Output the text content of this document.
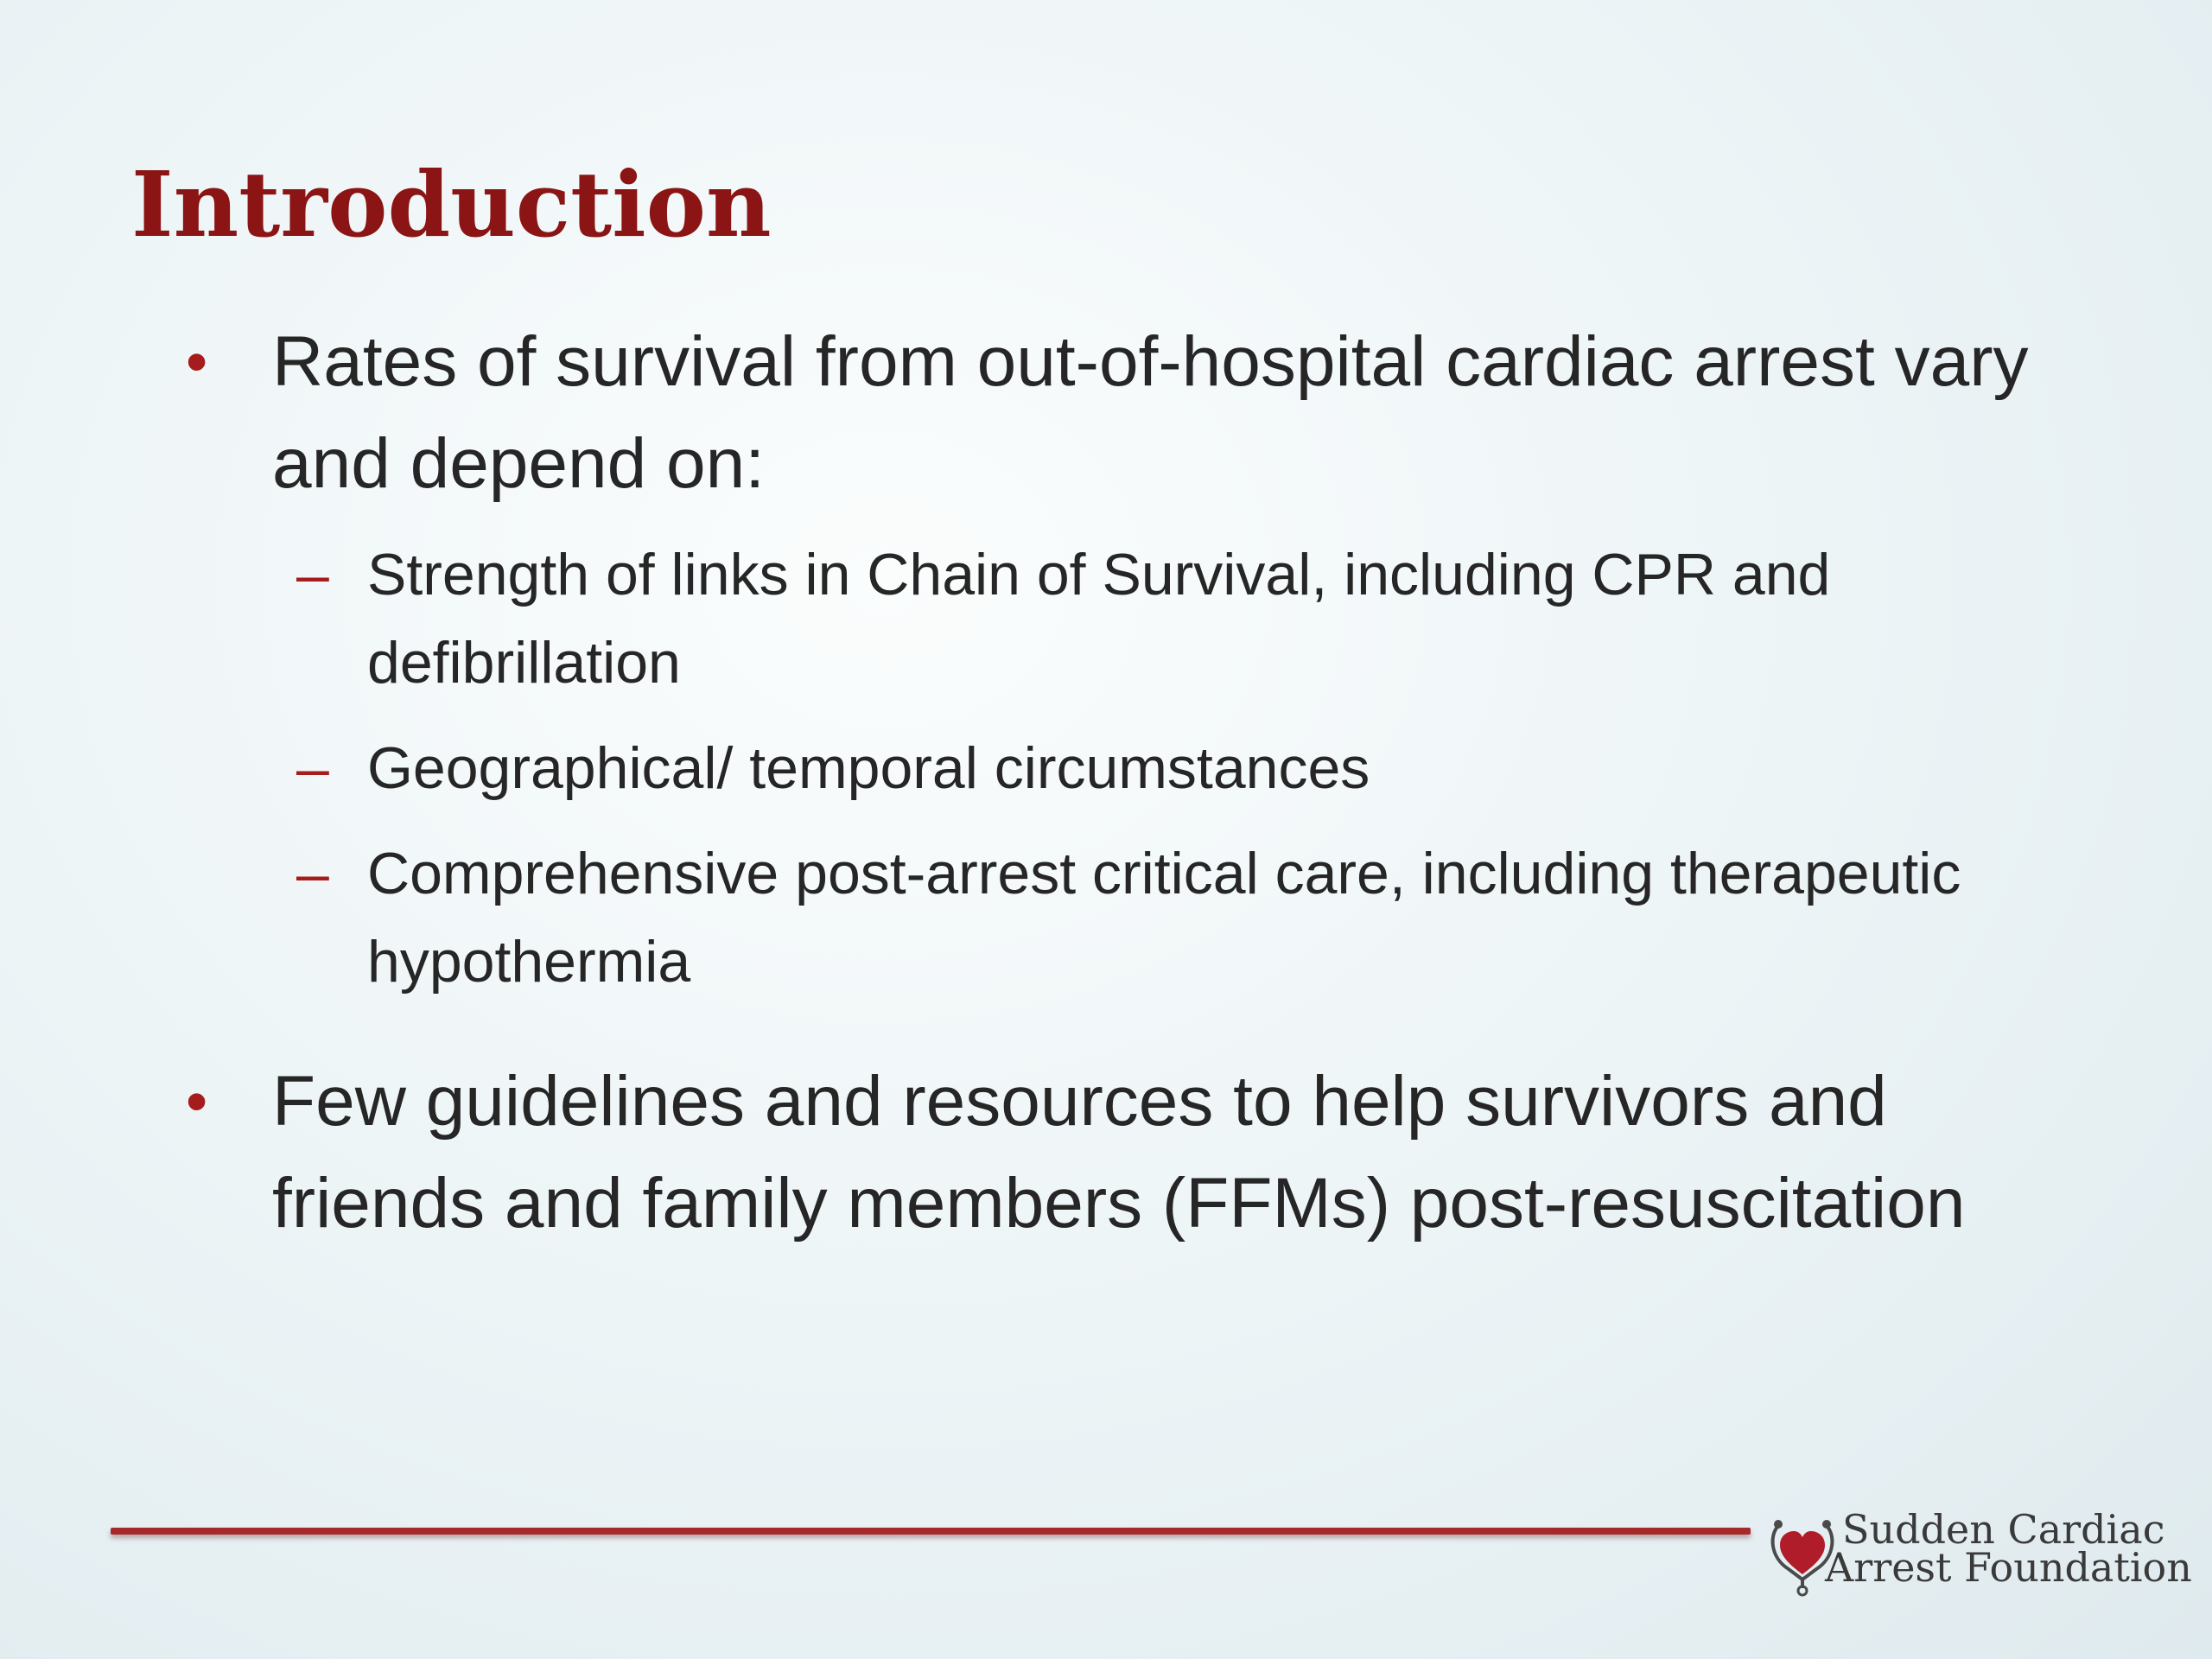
Introduction
• Rates of survival from out-of-hospital cardiac arrest vary and depend on:
– Strength of links in Chain of Survival, including CPR and defibrillation
– Geographical/ temporal circumstances
– Comprehensive post-arrest critical care, including therapeutic hypothermia
• Few guidelines and resources to help survivors and friends and family members (FFMs) post-resuscitation
Sudden Cardiac
Arrest Foundation
